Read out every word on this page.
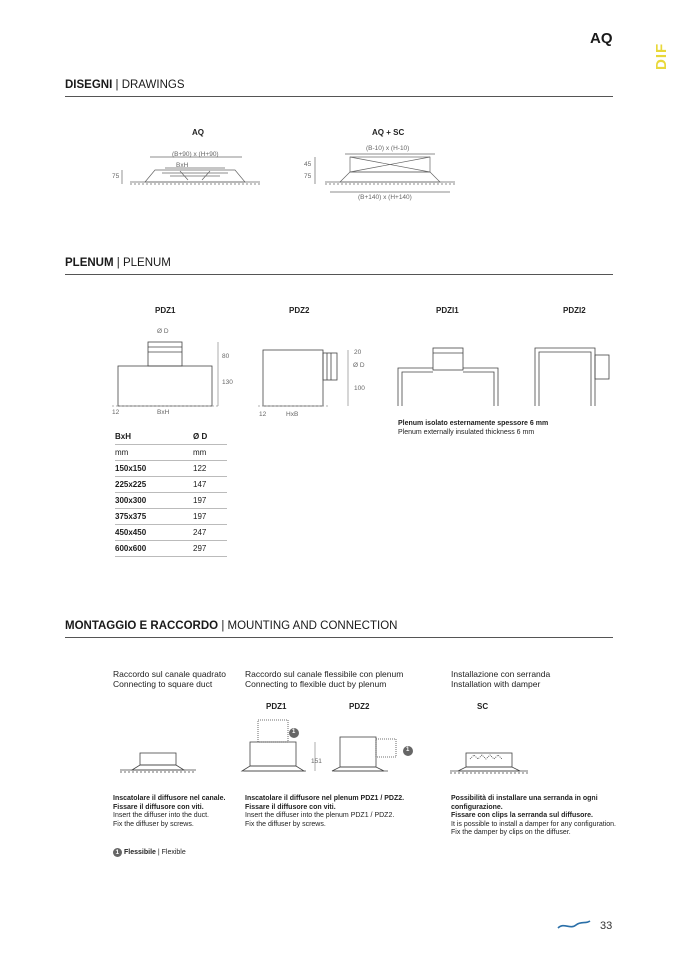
AQ
DIF
DISEGNI | DRAWINGS
AQ	AQ + SC
(B+90) x (H+90)
BxH
75
(B-10) x (H-10)
45
75
(B+140) x (H+140)
PLENUM | PLENUM
PDZ1	PDZ2	PDZI1	PDZI2
Ø D
80
130
12	BxH
20
Ø D
100
12	HxB
Plenum isolato esternamente spessore 6 mm
Plenum externally insulated thickness 6 mm
BxH	Ø D
mm	mm
150x150	122
225x225	147
300x300	197
375x375	197
450x450	247
600x600	297
MONTAGGIO E RACCORDO | MOUNTING AND CONNECTION
Raccordo sul canale quadrato
Connecting to square duct
Raccordo sul canale flessibile con plenum
Connecting to flexible duct by plenum
Installazione con serranda
Installation with damper
PDZ1	PDZ2	SC
1
1
151
Inscatolare il diffusore nel canale.
Fissare il diffusore con viti.
Insert the diffuser into the duct.
Fix the diffuser by screws.
Inscatolare il diffusore nel plenum PDZ1 / PDZ2.
Fissare il diffusore con viti.
Insert the diffuser into the plenum PDZ1 / PDZ2.
Fix the diffuser by screws.
Possibilità di installare una serranda in ogni
configurazione.
Fissare con clips la serranda sul diffusore.
It is possible to install a damper for any configuration.
Fix the damper by clips on the diffuser.
1 Flessibile | Flexible
33
